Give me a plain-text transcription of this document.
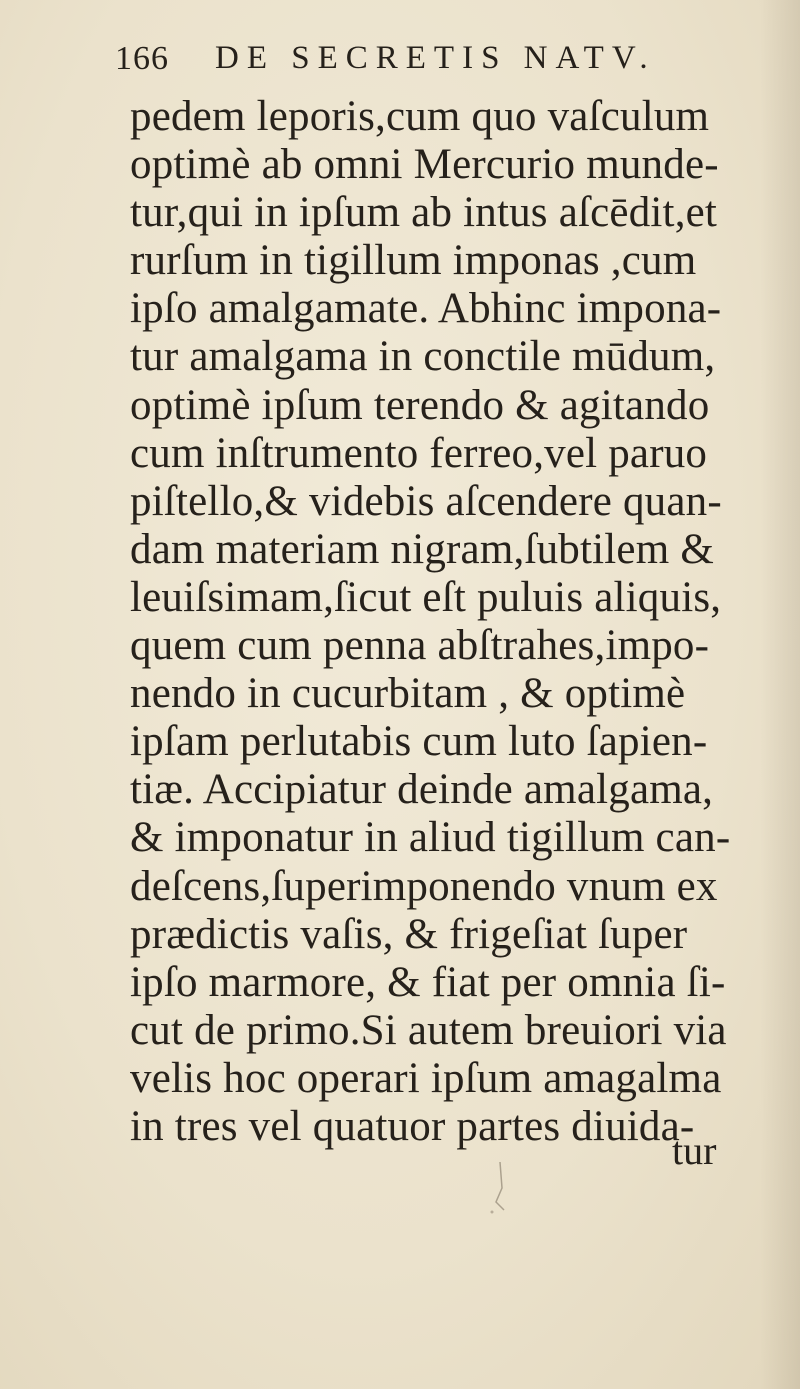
166 DE SECRETIS NATV.
pedem leporis,cum quo vaſculum
optimè ab omni Mercurio munde-
tur,qui in ipſum ab intus aſcēdit,et
rurſum in tigillum imponas ,cum
ipſo amalgamate. Abhinc impona-
tur amalgama in conctile mūdum,
optimè ipſum terendo & agitando
cum inſtrumento ferreo,vel paruo
piſtello,& videbis aſcendere quan-
dam materiam nigram,ſubtilem &
leuiſsimam,ſicut eſt puluis aliquis,
quem cum penna abſtrahes,impo-
nendo in cucurbitam , & optimè
ipſam perlutabis cum luto ſapien-
tiæ. Accipiatur deinde amalgama,
& imponatur in aliud tigillum can-
deſcens,ſuperimponendo vnum ex
prædictis vaſis, & frigeſiat ſuper
ipſo marmore, & fiat per omnia ſi-
cut de primo.Si autem breuiori via
velis hoc operari ipſum amagalma
in tres vel quatuor partes diuida-
tur
